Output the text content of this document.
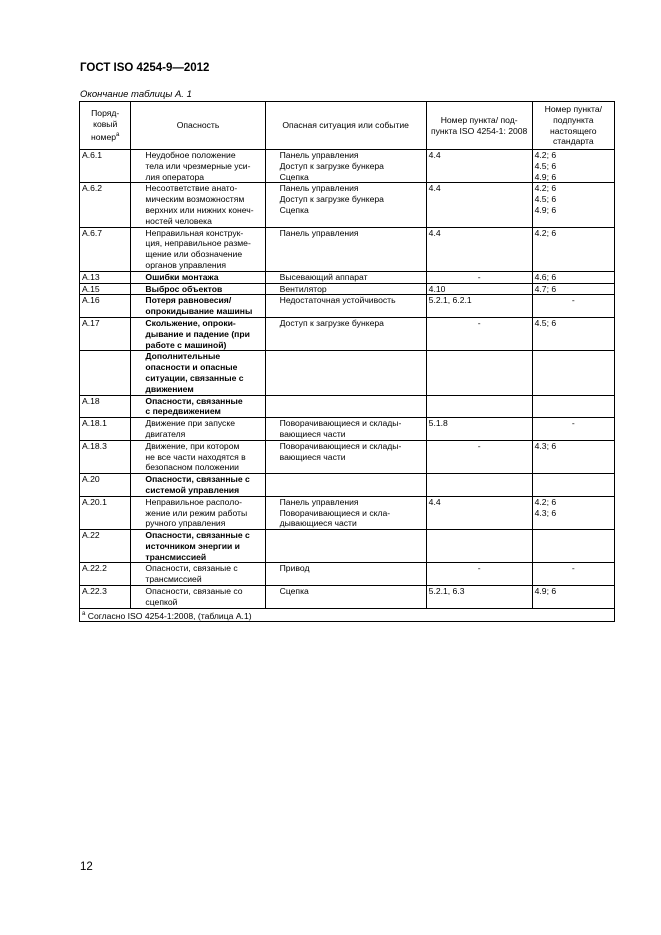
ГОСТ ISO 4254-9—2012
Окончание таблицы А. 1
Поряд-ковый номер$^a$	Опасность	Опасная ситуация или событие	Номер пункта/ под-пункта ISO 4254-1: 2008	Номер пункта/ подпункта настоящего стандарта
А.6.1	Неудобное положение
тела или чрезмерные уси-
лия оператора	Панель управления
Доступ к загрузке бункера
Сцепка	4.4	4.2; 6
4.5; 6
4.9; 6

А.6.2	Несоответствие анато-
мическим возможностям
верхних или нижних конеч-
ностей человека	Панель управления
Доступ к загрузке бункера
Сцепка	4.4	4.2; 6
4.5; 6
4.9; 6

А.6.7	Неправильная конструк-
ция, неправильное разме-
щение или обозначение
органов управления	Панель управления	4.4	4.2; 6

А.13	Ошибки монтажа	Высевающий аппарат	-	4.6; 6

А.15	Выброс объектов	Вентилятор	4.10	4.7; 6

А.16	Потеря равновесия/
опрокидывание машины	Недостаточная устойчивость	5.2.1, 6.2.1	-

А.17	Скольжение, опроки-
дывание и падение (при
работе с машиной)	Доступ к загрузке бункера	-	4.5; 6

	Дополнительные
опасности и опасные
ситуации, связанные с
движением			

А.18	Опасности, связанные
с передвижением			

А.18.1	Движение при запуске
двигателя	Поворачивающиеся и склады-
вающиеся части	5.1.8	-

А.18.3	Движение, при котором
не все части находятся в
безопасном положении	Поворачивающиеся и склады-
вающиеся части	-	4.3; 6

А.20	Опасности, связанные с
системой управления			

А.20.1	Неправильное располо-
жение или режим работы
ручного управления	Панель управления
Поворачивающиеся и скла-
дывающиеся части	4.4	4.2; 6
4.3; 6

А.22	Опасности, связанные с
источником энергии и
трансмиссией			

А.22.2	Опасности, связаные с
трансмиссией	Привод	-	-

А.22.3	Опасности, связаные со
сцепкой	Сцепка	5.2.1, 6.3	4.9; 6

$^a$ Согласно ISO 4254-1:2008, (таблица А.1)				
12
